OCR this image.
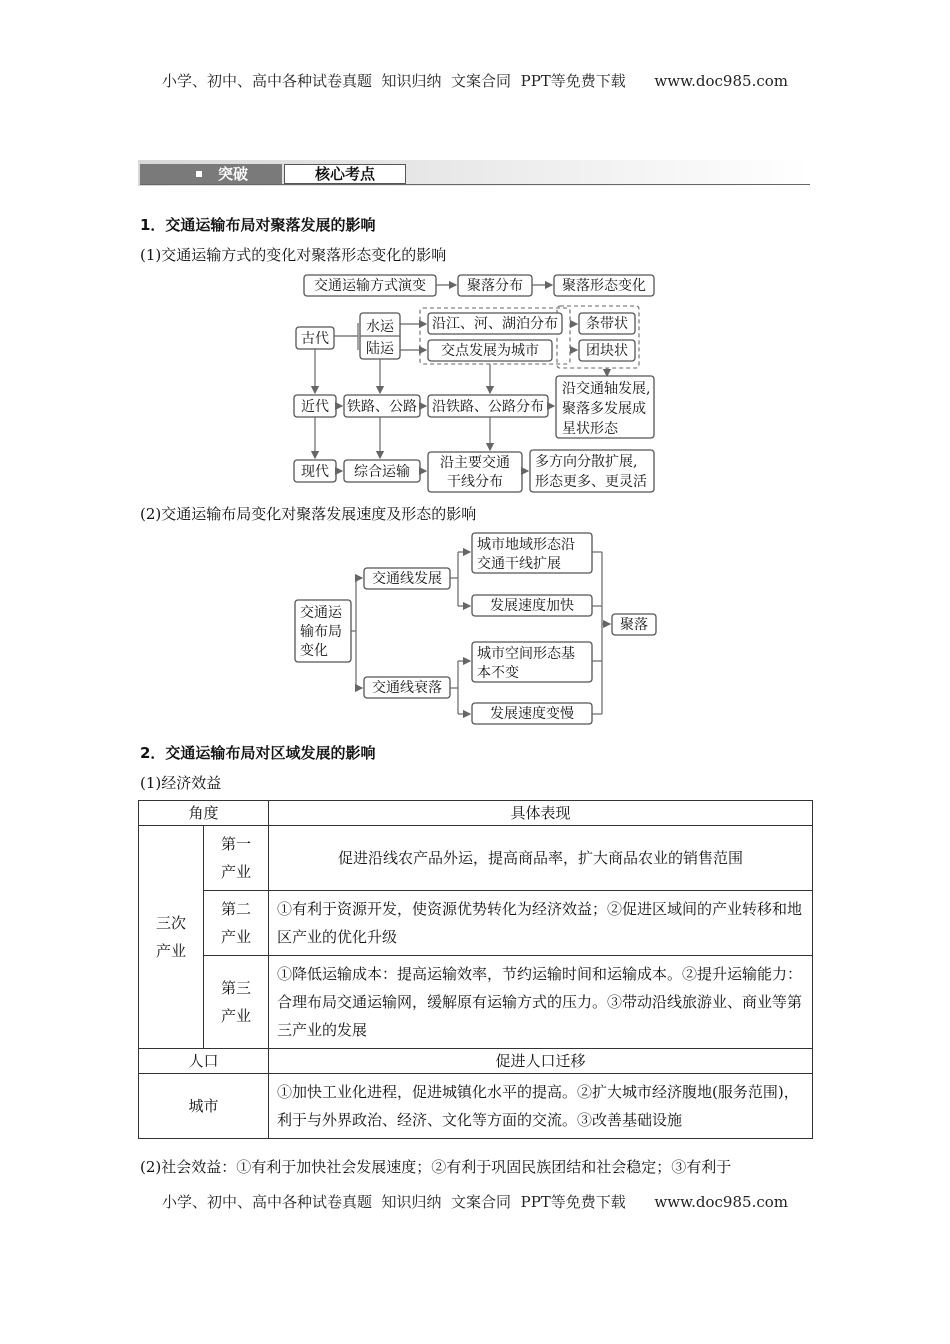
小学、初中、高中各种试卷真题  知识归纳  文案合同  PPT等免费下载      www.doc985.com
突破	核心考点
1．交通运输布局对聚落发展的影响
(1)交通运输方式的变化对聚落形态变化的影响
交通运输方式演变	聚落分布	聚落形态变化
古代
水运
陆运
沿江、河、湖泊分布
交点发展为城市
条带状
团块状
近代 铁路、公路 沿铁路、公路分布
沿交通轴发展,
聚落多发展成
星状形态
现代 综合运输
沿主要交通
干线分布
多方向分散扩展,
形态更多、更灵活
(2)交通运输布局变化对聚落发展速度及形态的影响
交通运
输布局
变化
交通线发展
交通线衰落
城市地域形态沿
交通干线扩展
发展速度加快
城市空间形态基
本不变
发展速度变慢
聚落
2．交通运输布局对区域发展的影响
(1)经济效益
角度		具体表现
三次产业	第一产业	促进沿线农产品外运，提高商品率，扩大商品农业的销售范围
	第二产业	①有利于资源开发，使资源优势转化为经济效益；②促进区域间的产业转移和地区产业的优化升级
	第三产业	①降低运输成本：提高运输效率，节约运输时间和运输成本。②提升运输能力：合理布局交通运输网，缓解原有运输方式的压力。③带动沿线旅游业、商业等第三产业的发展
人口		促进人口迁移
城市		①加快工业化进程，促进城镇化水平的提高。②扩大城市经济腹地(服务范围)，利于与外界政治、经济、文化等方面的交流。③改善基础设施
(2)社会效益：①有利于加快社会发展速度；②有利于巩固民族团结和社会稳定；③有利于
小学、初中、高中各种试卷真题  知识归纳  文案合同  PPT等免费下载      www.doc985.com
